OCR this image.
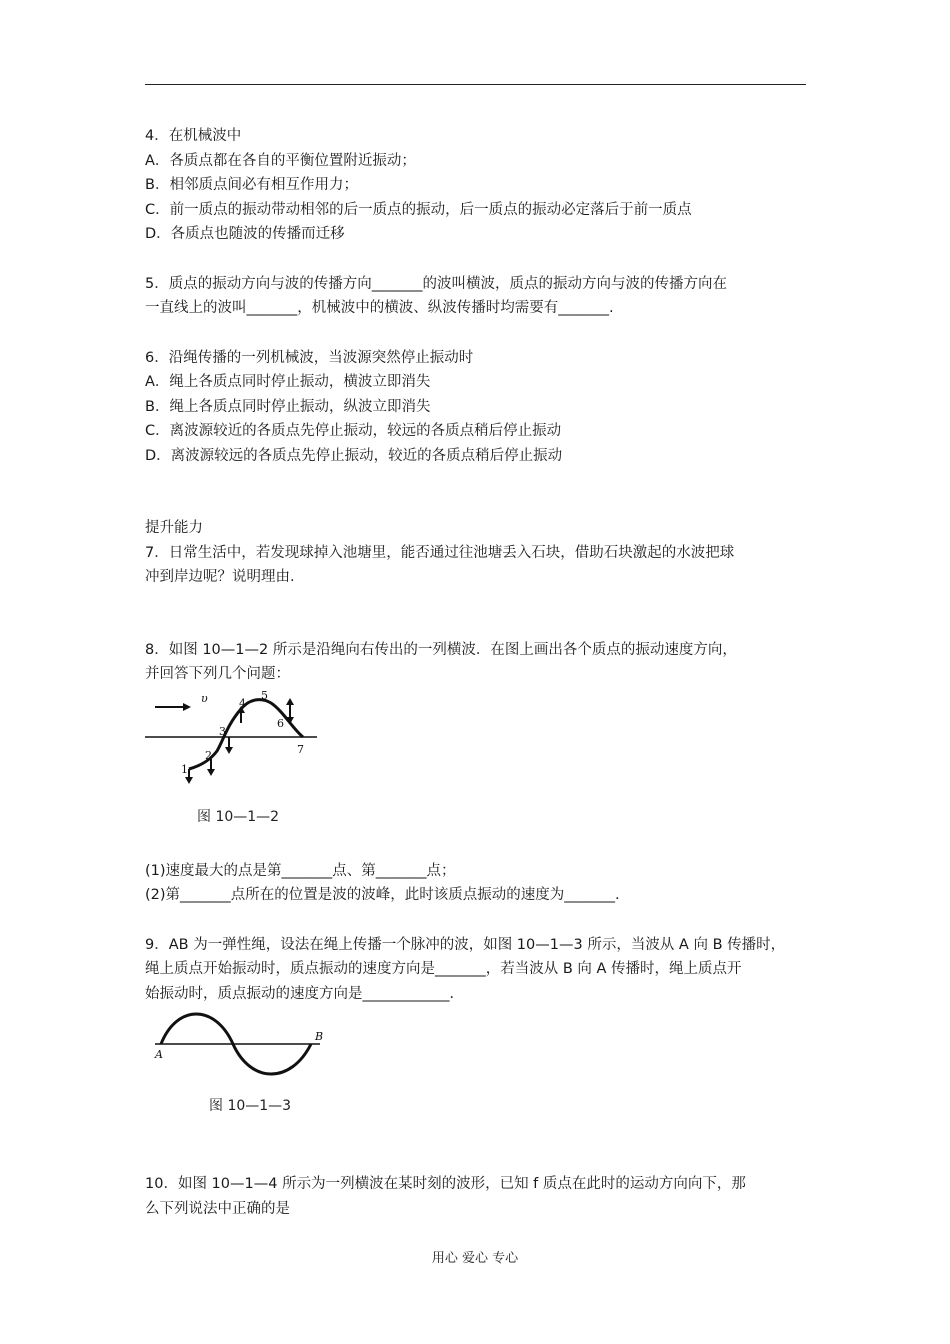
4．在机械波中
A．各质点都在各自的平衡位置附近振动；
B．相邻质点间必有相互作用力；
C．前一质点的振动带动相邻的后一质点的振动，后一质点的振动必定落后于前一质点
D．各质点也随波的传播而迁移
5．质点的振动方向与波的传播方向_______的波叫横波，质点的振动方向与波的传播方向在
一直线上的波叫_______，机械波中的横波、纵波传播时均需要有_______.
6．沿绳传播的一列机械波，当波源突然停止振动时
A．绳上各质点同时停止振动，横波立即消失
B．绳上各质点同时停止振动，纵波立即消失
C．离波源较近的各质点先停止振动，较远的各质点稍后停止振动
D．离波源较远的各质点先停止振动，较近的各质点稍后停止振动
提升能力
7．日常生活中，若发现球掉入池塘里，能否通过往池塘丢入石块，借助石块激起的水波把球
冲到岸边呢？说明理由.
8．如图 10—1—2 所示是沿绳向右传出的一列横波．在图上画出各个质点的振动速度方向，
并回答下列几个问题：
υ
1
2
3
4
5
6
7
图 10—1—2
(1)速度最大的点是第_______点、第_______点；
(2)第_______点所在的位置是波的波峰，此时该质点振动的速度为_______.
9．AB 为一弹性绳，设法在绳上传播一个脉冲的波，如图 10—1—3 所示，当波从 A 向 B 传播时，
绳上质点开始振动时，质点振动的速度方向是_______，若当波从 B 向 A 传播时，绳上质点开
始振动时，质点振动的速度方向是____________．
A
B
图 10—1—3
10．如图 10—1—4 所示为一列横波在某时刻的波形，已知 f 质点在此时的运动方向向下，那
么下列说法中正确的是
用心 爱心 专心
